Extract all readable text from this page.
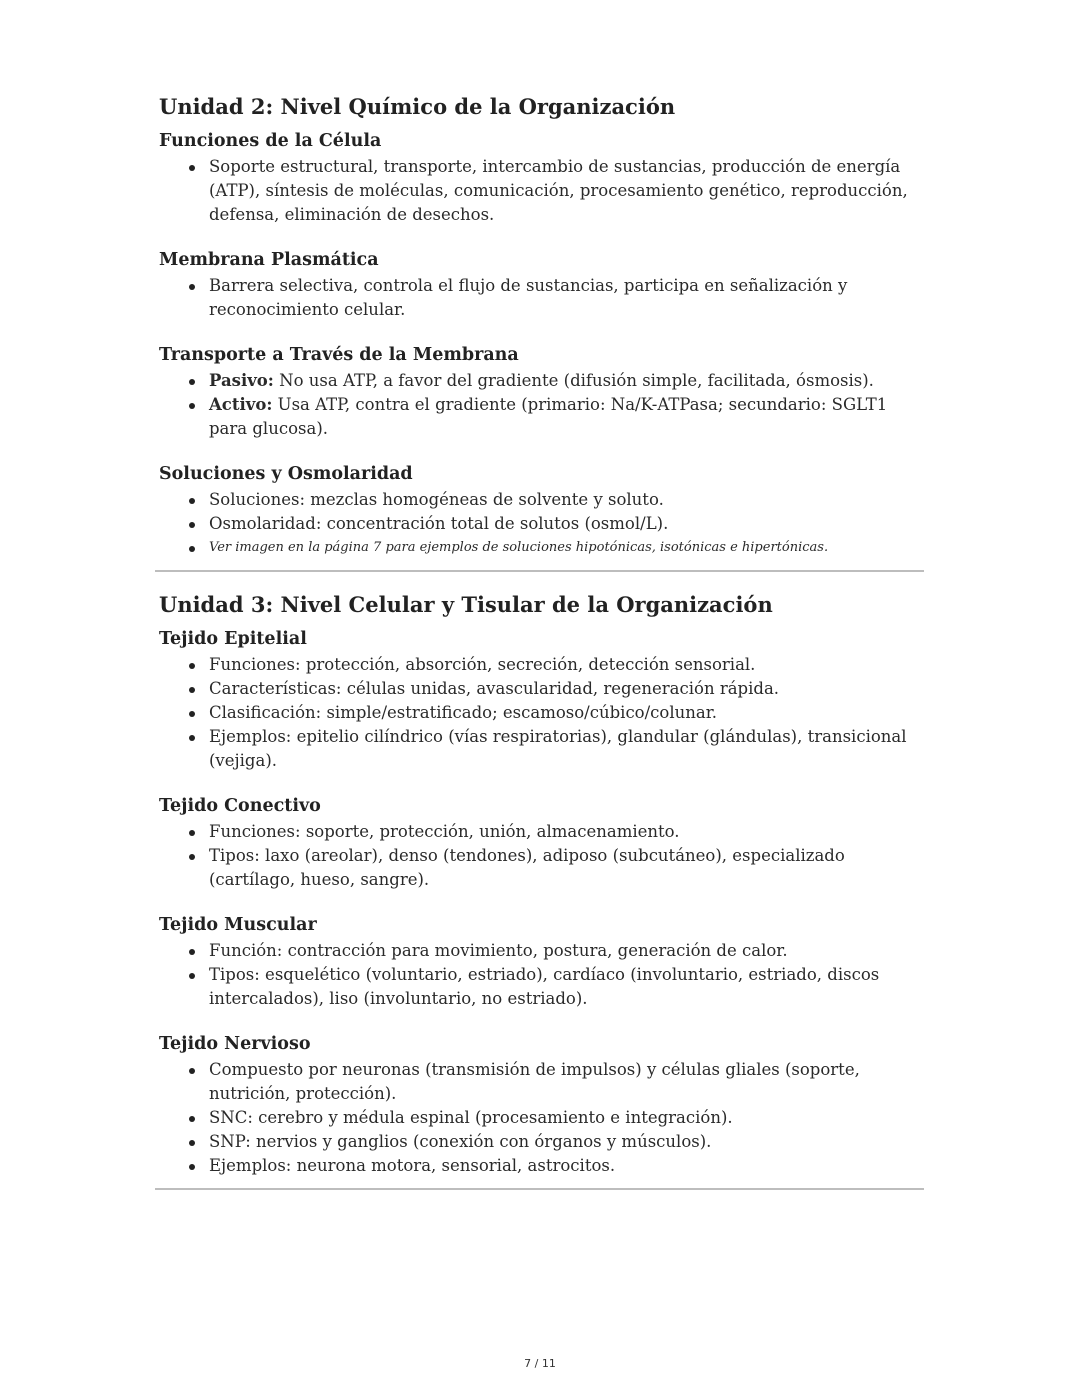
Unidad 2: Nivel Químico de la Organización
Funciones de la Célula
Soporte estructural, transporte, intercambio de sustancias, producción de energía (ATP), síntesis de moléculas, comunicación, procesamiento genético, reproducción, defensa, eliminación de desechos.
Membrana Plasmática
Barrera selectiva, controla el flujo de sustancias, participa en señalización y reconocimiento celular.
Transporte a Través de la Membrana
Pasivo: No usa ATP, a favor del gradiente (difusión simple, facilitada, ósmosis).
Activo: Usa ATP, contra el gradiente (primario: Na/K-ATPasa; secundario: SGLT1 para glucosa).
Soluciones y Osmolaridad
Soluciones: mezclas homogéneas de solvente y soluto.
Osmolaridad: concentración total de solutos (osmol/L).
Ver imagen en la página 7 para ejemplos de soluciones hipotónicas, isotónicas e hipertónicas.
Unidad 3: Nivel Celular y Tisular de la Organización
Tejido Epitelial
Funciones: protección, absorción, secreción, detección sensorial.
Características: células unidas, avascularidad, regeneración rápida.
Clasificación: simple/estratificado; escamoso/cúbico/colunar.
Ejemplos: epitelio cilíndrico (vías respiratorias), glandular (glándulas), transicional (vejiga).
Tejido Conectivo
Funciones: soporte, protección, unión, almacenamiento.
Tipos: laxo (areolar), denso (tendones), adiposo (subcutáneo), especializado (cartílago, hueso, sangre).
Tejido Muscular
Función: contracción para movimiento, postura, generación de calor.
Tipos: esquelético (voluntario, estriado), cardíaco (involuntario, estriado, discos intercalados), liso (involuntario, no estriado).
Tejido Nervioso
Compuesto por neuronas (transmisión de impulsos) y células gliales (soporte, nutrición, protección).
SNC: cerebro y médula espinal (procesamiento e integración).
SNP: nervios y ganglios (conexión con órganos y músculos).
Ejemplos: neurona motora, sensorial, astrocitos.
7 / 11
